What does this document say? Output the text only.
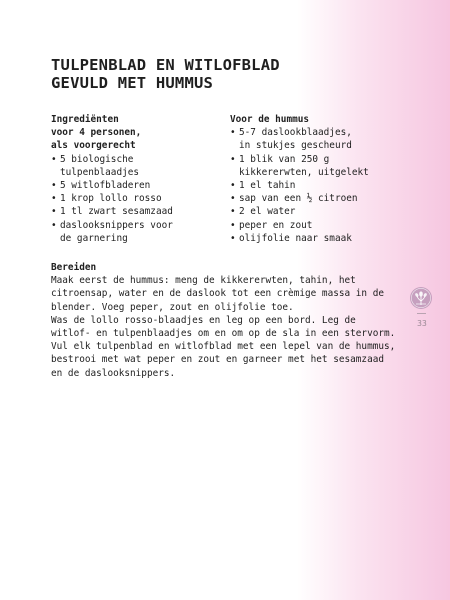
TULPENBLAD EN WITLOFBLAD
GEVULD MET HUMMUS
Ingrediënten
voor 4 personen,
als voorgerecht
• 5 biologische
tulpenblaadjes
• 5 witlofbladeren
• 1 krop lollo rosso
• 1 tl zwart sesamzaad
• daslooksnippers voor
de garnering
Voor de hummus
• 5-7 daslookblaadjes,
in stukjes gescheurd
• 1 blik van 250 g
kikkererwten, uitgelekt
• 1 el tahin
• sap van een ½ citroen
• 2 el water
• peper en zout
• olijfolie naar smaak
Bereiden

Maak eerst de hummus: meng de kikkererwten, tahin, het

citroensap, water en de daslook tot een crèmige massa in de

blender. Voeg peper, zout en olijfolie toe.

Was de lollo rosso-blaadjes en leg op een bord. Leg de

witlof- en tulpenblaadjes om en om op de sla in een stervorm.

Vul elk tulpenblad en witlofblad met een lepel van de hummus,

bestrooi met wat peper en zout en garneer met het sesamzaad

en de daslooksnippers.

33
